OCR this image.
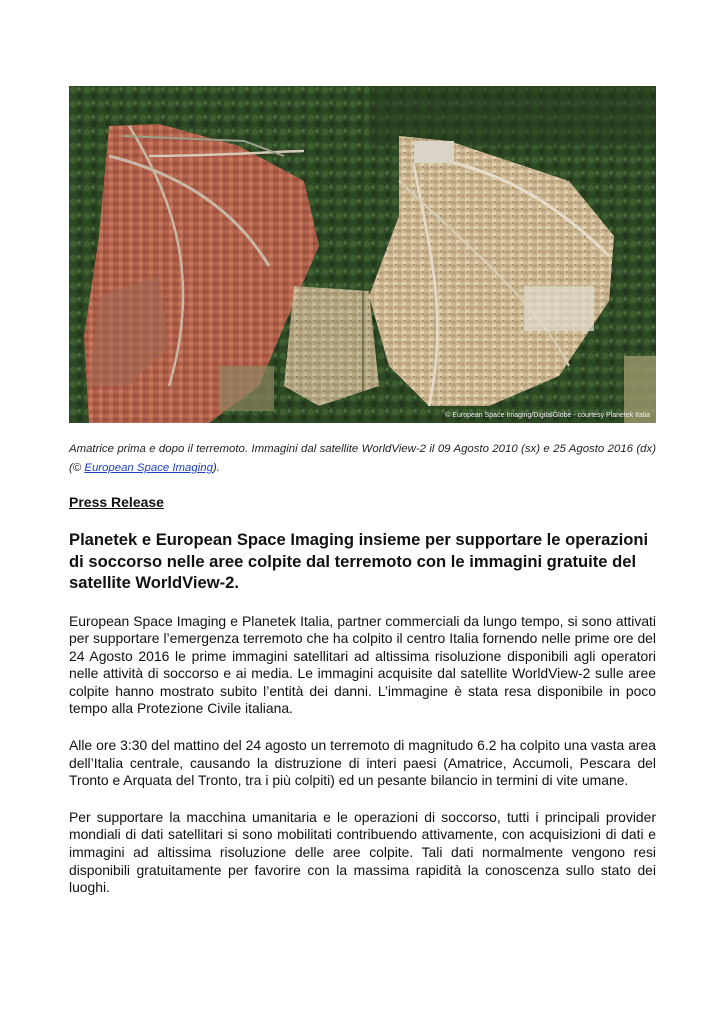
© European Space Imaging/DigitalGlobe - courtesy Planetek Italia
Amatrice prima e dopo il terremoto. Immagini dal satellite WorldView-2 il 09 Agosto 2010 (sx) e 25 Agosto 2016 (dx) (© European Space Imaging).
Press Release
Planetek e European Space Imaging insieme per supportare le operazioni di soccorso nelle aree colpite dal terremoto con le immagini gratuite del satellite WorldView-2.

European Space Imaging e Planetek Italia, partner commerciali da lungo tempo, si sono attivati per supportare l’emergenza terremoto che ha colpito il centro Italia fornendo nelle prime ore del 24 Agosto 2016 le prime immagini satellitari ad altissima risoluzione disponibili agli operatori nelle attività di soccorso e ai media. Le immagini acquisite dal satellite WorldView-2 sulle aree colpite hanno mostrato subito l’entità dei danni. L’immagine è stata resa disponibile in poco tempo alla Protezione Civile italiana.

Alle ore 3:30 del mattino del 24 agosto un terremoto di magnitudo 6.2 ha colpito una vasta area dell’Italia centrale, causando la distruzione di interi paesi (Amatrice, Accumoli, Pescara del Tronto e Arquata del Tronto, tra i più colpiti) ed un pesante bilancio in termini di vite umane.

Per supportare la macchina umanitaria e le operazioni di soccorso, tutti i principali provider mondiali di dati satellitari si sono mobilitati contribuendo attivamente, con acquisizioni di dati e immagini ad altissima risoluzione delle aree colpite. Tali dati normalmente vengono resi disponibili gratuitamente per favorire con la massima rapidità la conoscenza sullo stato dei luoghi.
